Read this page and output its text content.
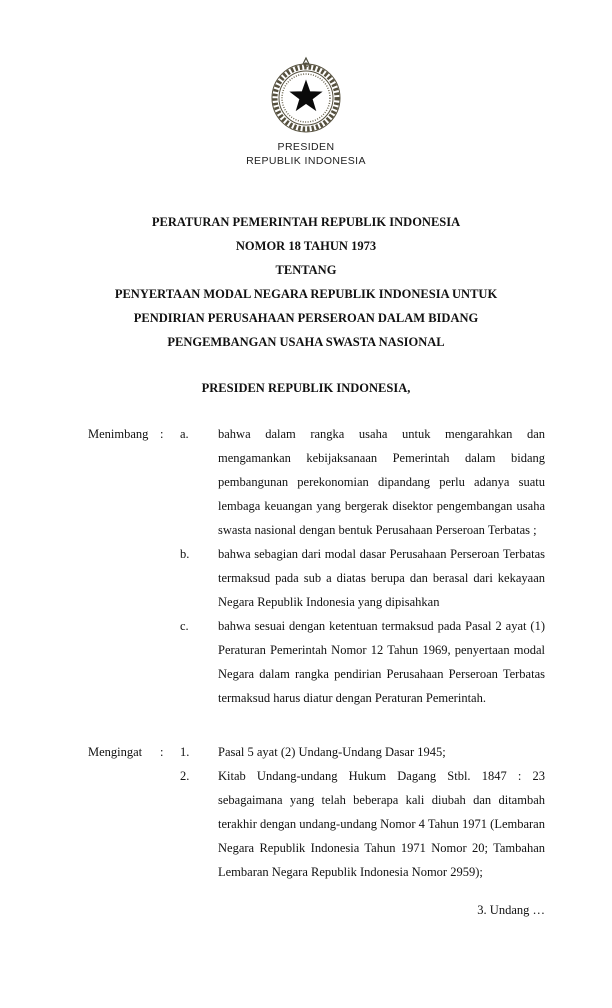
PRESIDEN
REPUBLIK INDONESIA
PERATURAN PEMERINTAH REPUBLIK INDONESIA
NOMOR 18 TAHUN 1973
TENTANG
PENYERTAAN MODAL NEGARA REPUBLIK INDONESIA UNTUK
PENDIRIAN PERUSAHAAN PERSEROAN DALAM BIDANG
PENGEMBANGAN USAHA SWASTA NASIONAL
PRESIDEN REPUBLIK INDONESIA,
Menimbang :	a.	bahwa dalam rangka usaha untuk mengarahkan dan mengamankan kebijaksanaan Pemerintah dalam bidang pembangunan perekonomian dipandang perlu adanya suatu lembaga keuangan yang bergerak disektor pengembangan usaha swasta nasional dengan bentuk Perusahaan Perseroan Terbatas ;
b.	bahwa sebagian dari modal dasar Perusahaan Perseroan Terbatas termaksud pada sub a diatas berupa dan berasal dari kekayaan Negara Republik Indonesia yang dipisahkan
c.	bahwa sesuai dengan ketentuan termaksud pada Pasal 2 ayat (1) Peraturan Pemerintah Nomor 12 Tahun 1969, penyertaan modal Negara dalam rangka pendirian Perusahaan Perseroan Terbatas termaksud harus diatur dengan Peraturan Pemerintah.
Mengingat	:	1.	Pasal 5 ayat (2) Undang-Undang Dasar 1945;
2.	Kitab Undang-undang Hukum Dagang Stbl. 1847 : 23 sebagaimana yang telah beberapa kali diubah dan ditambah terakhir dengan undang-undang Nomor 4 Tahun 1971 (Lembaran Negara Republik Indonesia Tahun 1971 Nomor 20; Tambahan Lembaran Negara Republik Indonesia Nomor 2959);
3. Undang …
